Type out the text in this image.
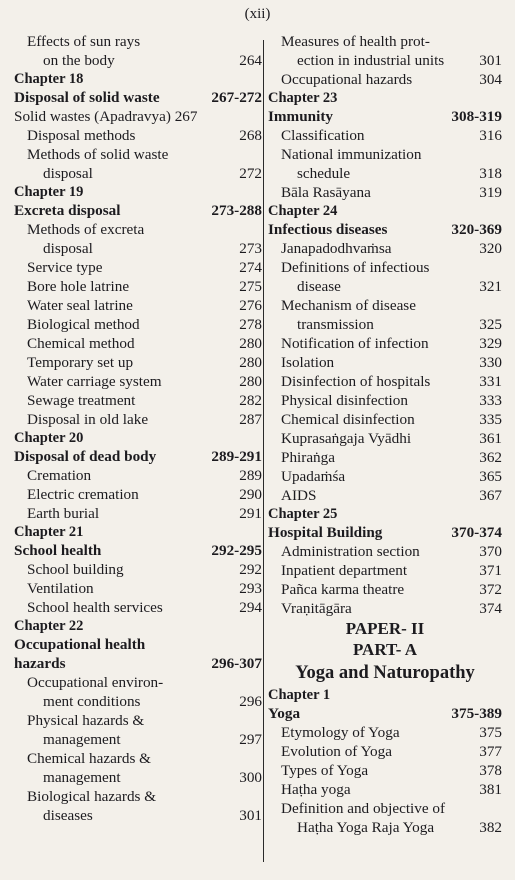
(xii)
Effects of sun rays
on the body	264
Chapter 18
Disposal of solid waste	267-272
Solid wastes (Apadravya) 267
Disposal methods	268
Methods of solid waste
disposal	272
Chapter 19
Excreta disposal	273-288
Methods of excreta
disposal	273
Service type	274
Bore hole latrine	275
Water seal latrine	276
Biological method	278
Chemical method	280
Temporary set up	280
Water carriage system	280
Sewage treatment	282
Disposal in old lake	287
Chapter 20
Disposal of dead body	289-291
Cremation	289
Electric cremation	290
Earth burial	291
Chapter 21
School health	292-295
School building	292
Ventilation	293
School health services	294
Chapter 22
Occupational health
hazards	296-307
Occupational environ-
ment conditions	296
Physical hazards &
management	297
Chemical hazards &
management	300
Biological hazards &
diseases	301
Measures of health prot-
ection in industrial units	301
Occupational hazards	304
Chapter 23
Immunity	308-319
Classification	316
National immunization
schedule	318
Bāla Rasāyana	319
Chapter 24
Infectious diseases	320-369
Janapadodhvaṁsa	320
Definitions of infectious
disease	321
Mechanism of disease
transmission	325
Notification of infection	329
Isolation	330
Disinfection of hospitals	331
Physical disinfection	333
Chemical disinfection	335
Kuprasaṅgaja Vyādhi	361
Phiraṅga	362
Upadaṁśa	365
AIDS	367
Chapter 25
Hospital Building	370-374
Administration section	370
Inpatient department	371
Pañca karma theatre	372
Vraṇitāgāra	374
PAPER- II
PART- A
Yoga and Naturopathy
Chapter 1
Yoga	375-389
Etymology of Yoga	375
Evolution of Yoga	377
Types of Yoga	378
Haṭha yoga	381
Definition and objective of
Haṭha Yoga Raja Yoga	382
